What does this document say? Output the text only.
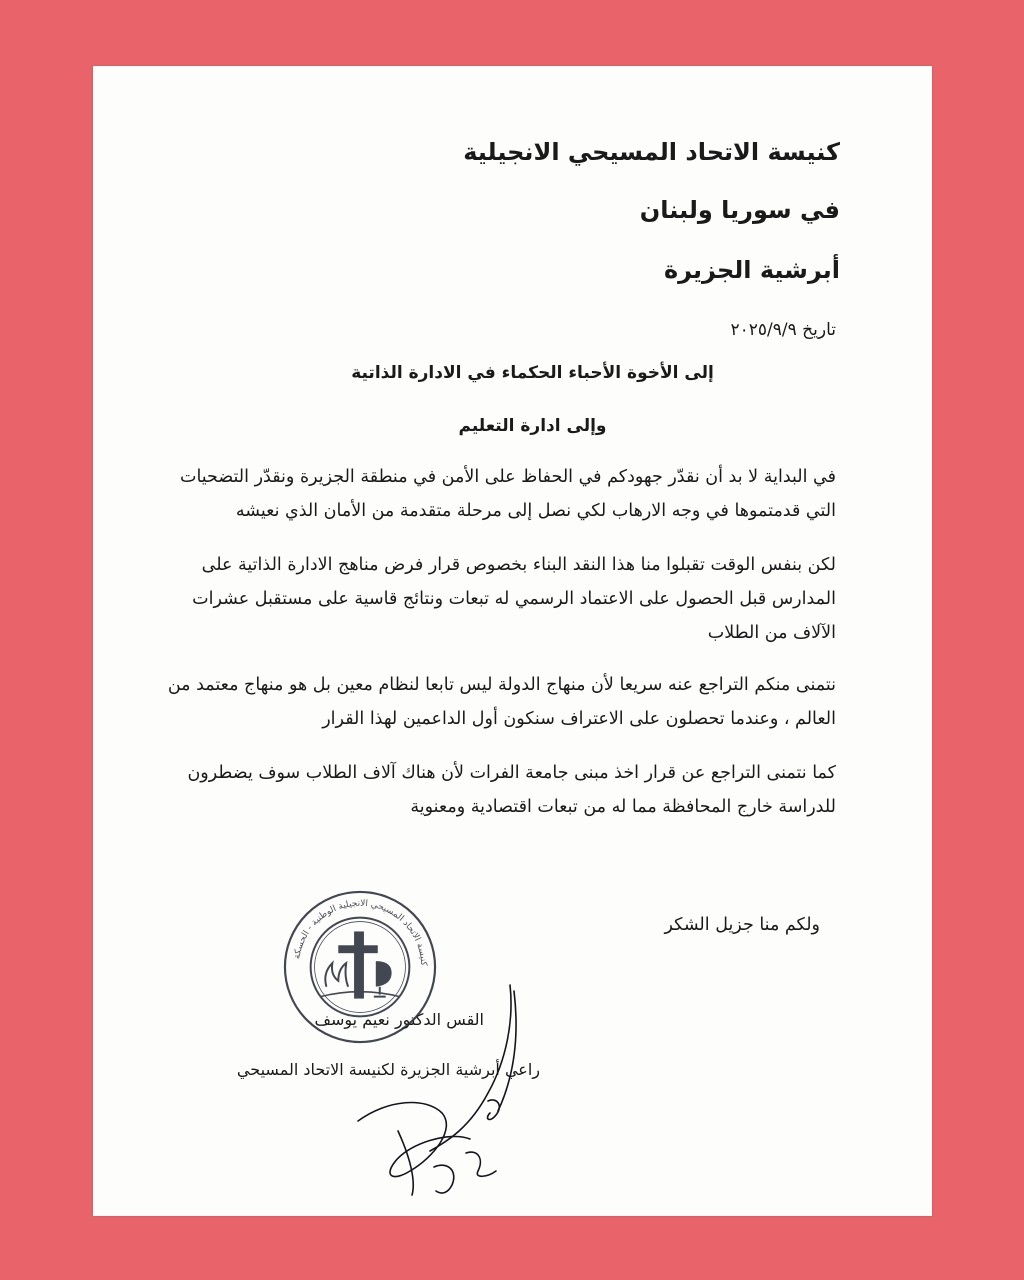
كنيسة الاتحاد المسيحي الانجيلية
في سوريا ولبنان
أبرشية الجزيرة
تاريخ ٢٠٢٥/٩/٩
إلى الأخوة الأحباء الحكماء في الادارة الذاتية
وإلى ادارة التعليم
في البداية لا بد أن نقدّر جهودكم في الحفاظ على الأمن في منطقة الجزيرة ونقدّر التضحيات
التي قدمتموها في وجه الارهاب لكي نصل إلى مرحلة متقدمة من الأمان الذي نعيشه
لكن بنفس الوقت تقبلوا منا هذا النقد البناء بخصوص قرار فرض مناهج الادارة الذاتية على
المدارس قبل الحصول على الاعتماد الرسمي له تبعات ونتائج قاسية على مستقبل عشرات
الآلاف من الطلاب
نتمنى منكم التراجع عنه سريعا لأن منهاج الدولة ليس تابعا لنظام معين بل هو منهاج معتمد من
العالم ، وعندما تحصلون على الاعتراف سنكون أول الداعمين لهذا القرار
كما نتمنى التراجع عن قرار اخذ مبنى جامعة الفرات لأن هناك آلاف الطلاب سوف يضطرون
للدراسة خارج المحافظة مما له من تبعات اقتصادية ومعنوية
ولكم منا جزيل الشكر
القس الدكتور نعيم يوسف
راعي أبرشية الجزيرة لكنيسة الاتحاد المسيحي
كنيسة الاتحاد المسيحي الانجيلية الوطنية - الحسكة
